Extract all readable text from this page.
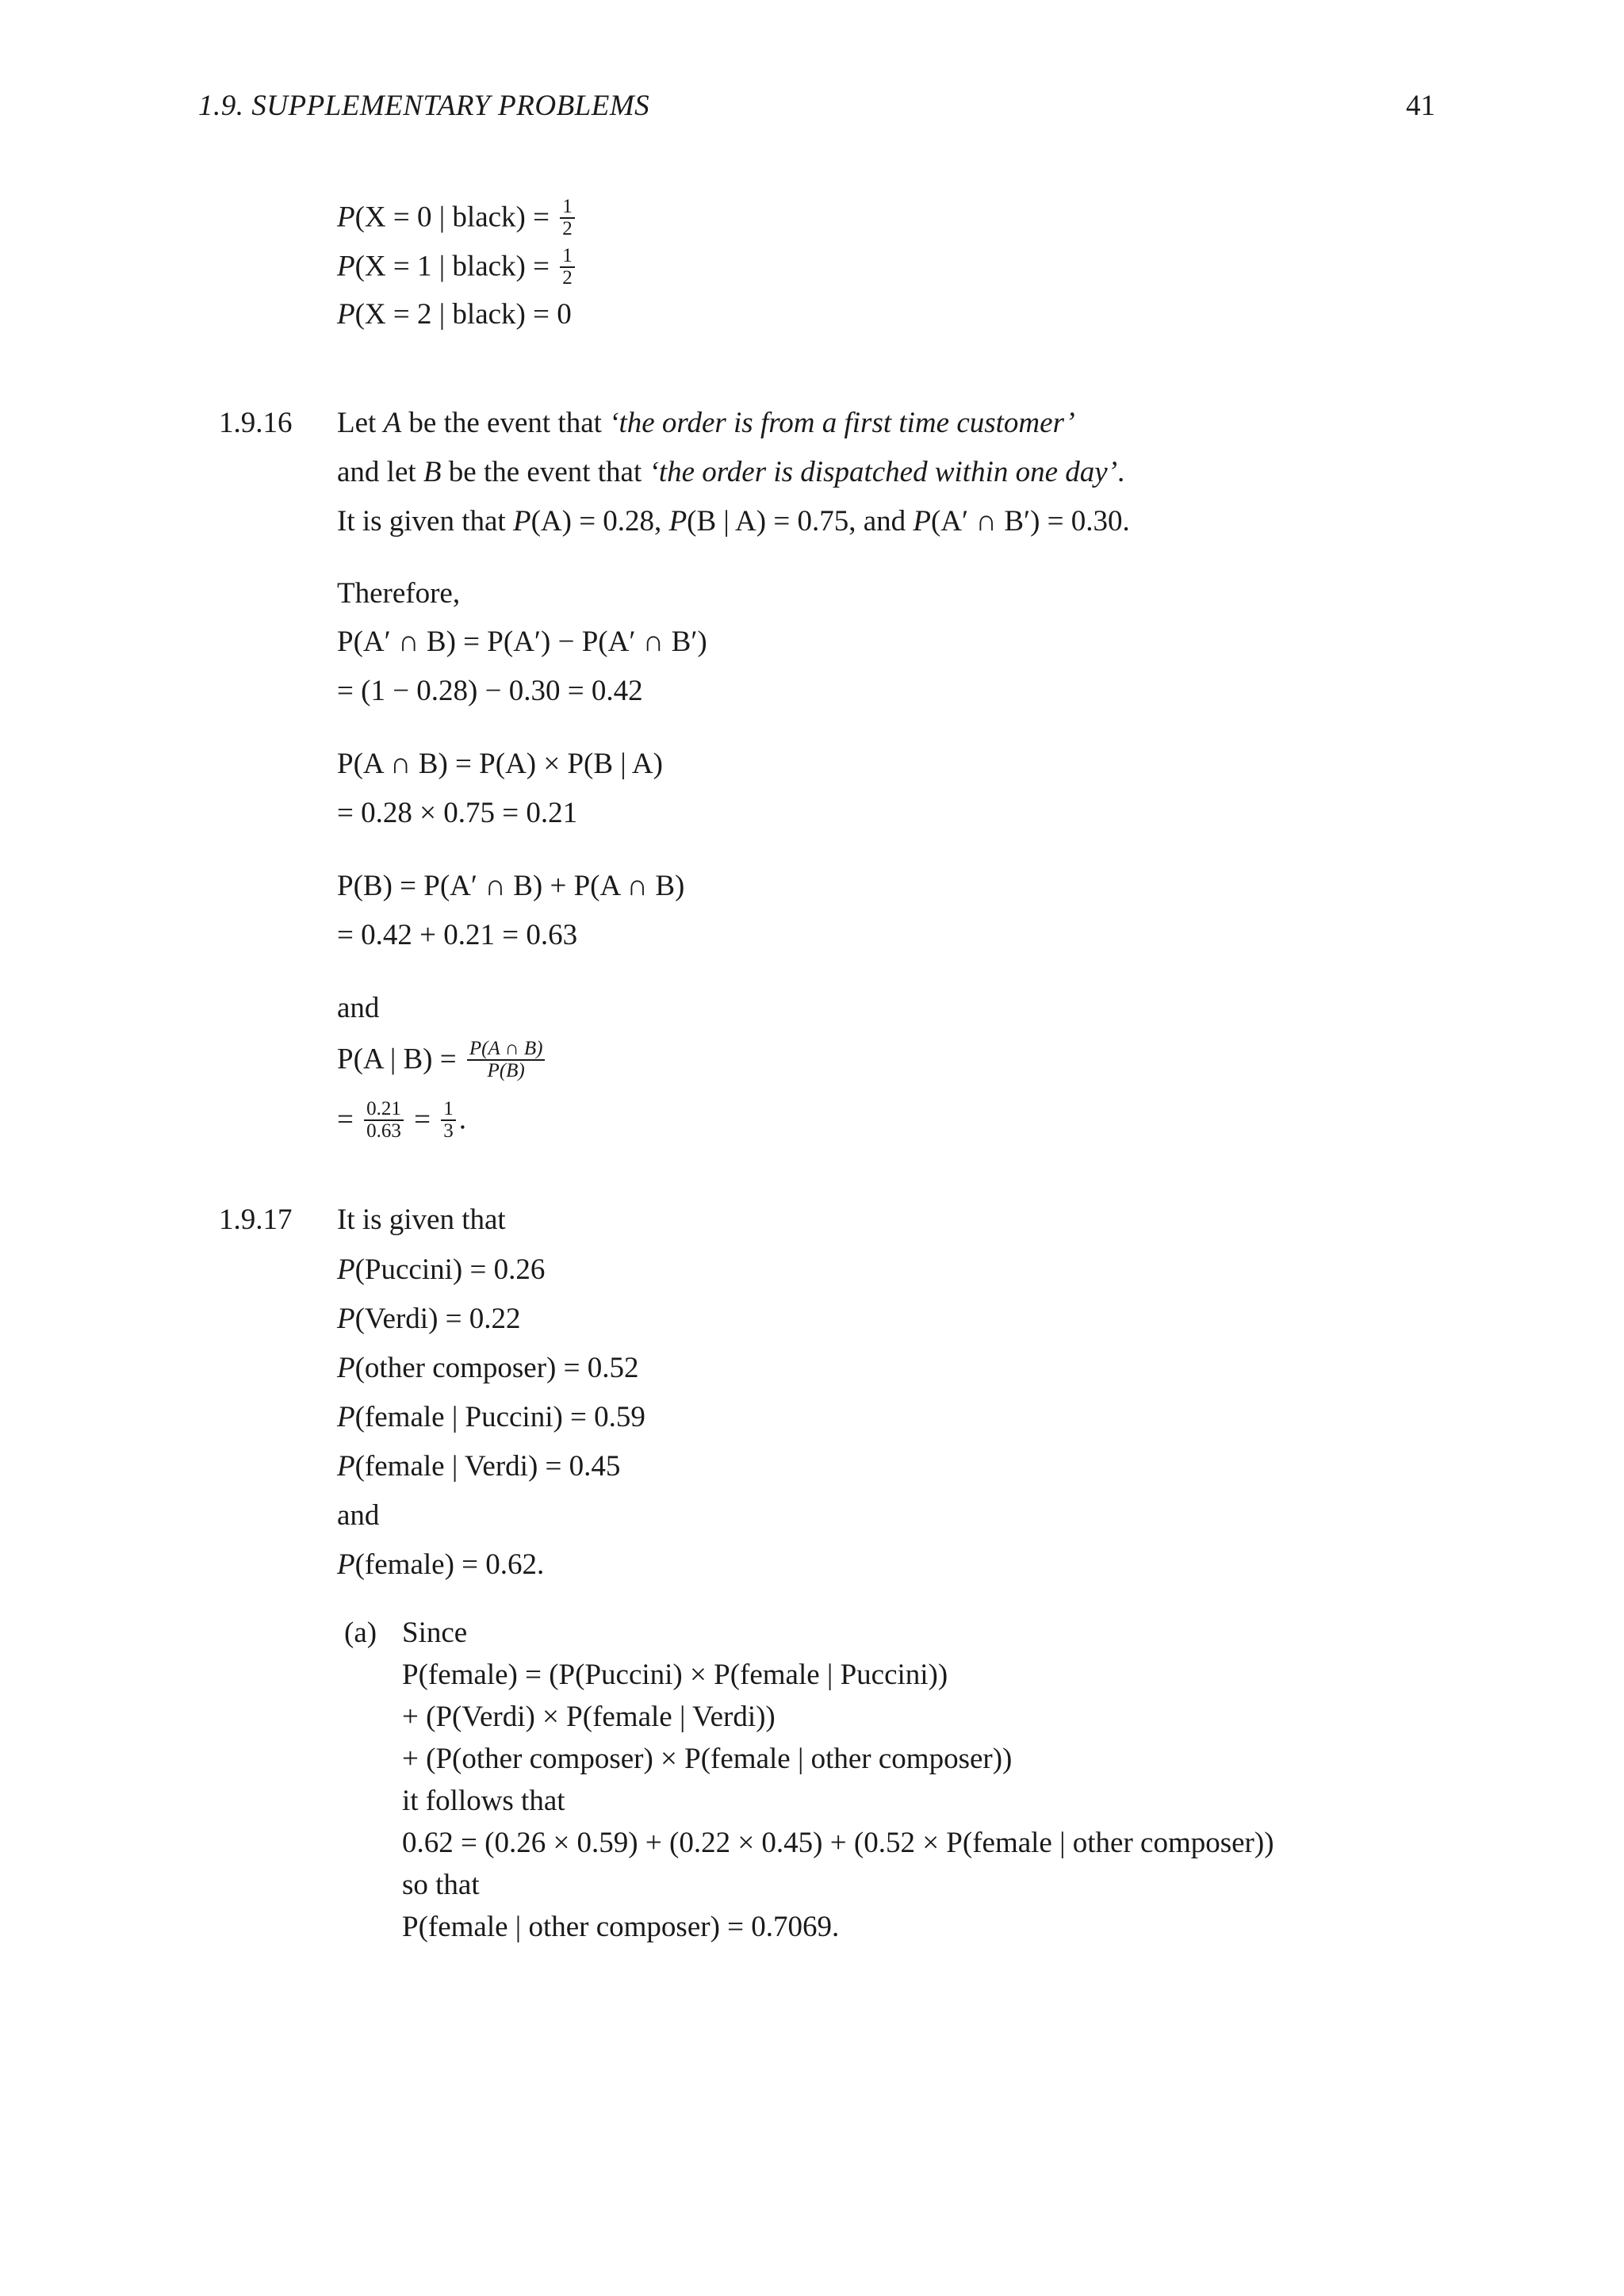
1.9. SUPPLEMENTARY PROBLEMS	41
P(X = 0 | black) = $\frac{1}{2}$
P(X = 1 | black) = $\frac{1}{2}$
P(X = 2 | black) = 0
1.9.16 Let A be the event that ‘the order is from a first time customer’
and let B be the event that ‘the order is dispatched within one day’.
It is given that P(A) = 0.28, P(B | A) = 0.75, and P(A′ ∩ B′) = 0.30.
Therefore,
P(A′ ∩ B) = P(A′) − P(A′ ∩ B′)
= (1 − 0.28) − 0.30 = 0.42
P(A ∩ B) = P(A) × P(B | A)
= 0.28 × 0.75 = 0.21
P(B) = P(A′ ∩ B) + P(A ∩ B)
= 0.42 + 0.21 = 0.63
and
P(A | $B) = \frac{P(A \cap B)}{P(B)}$
= $\frac{0.21}{0.63} = \frac{1}{3}$ .
1.9.17 It is given that
P(Puccini) = 0.26
P(Verdi) = 0.22
P(other composer) = 0.52
P(female | Puccini) = 0.59
P(female | Verdi) = 0.45
and
P(female) = 0.62.
(a) Since
P(female) = (P(Puccini) × P(female | Puccini))
+ (P(Verdi) × P(female | Verdi))
+ (P(other composer) × P(female | other composer))
it follows that
0.62 = (0.26 × 0.59) + (0.22 × 0.45) + (0.52 × P(female | other composer))
so that
P(female | other composer) = 0.7069.
